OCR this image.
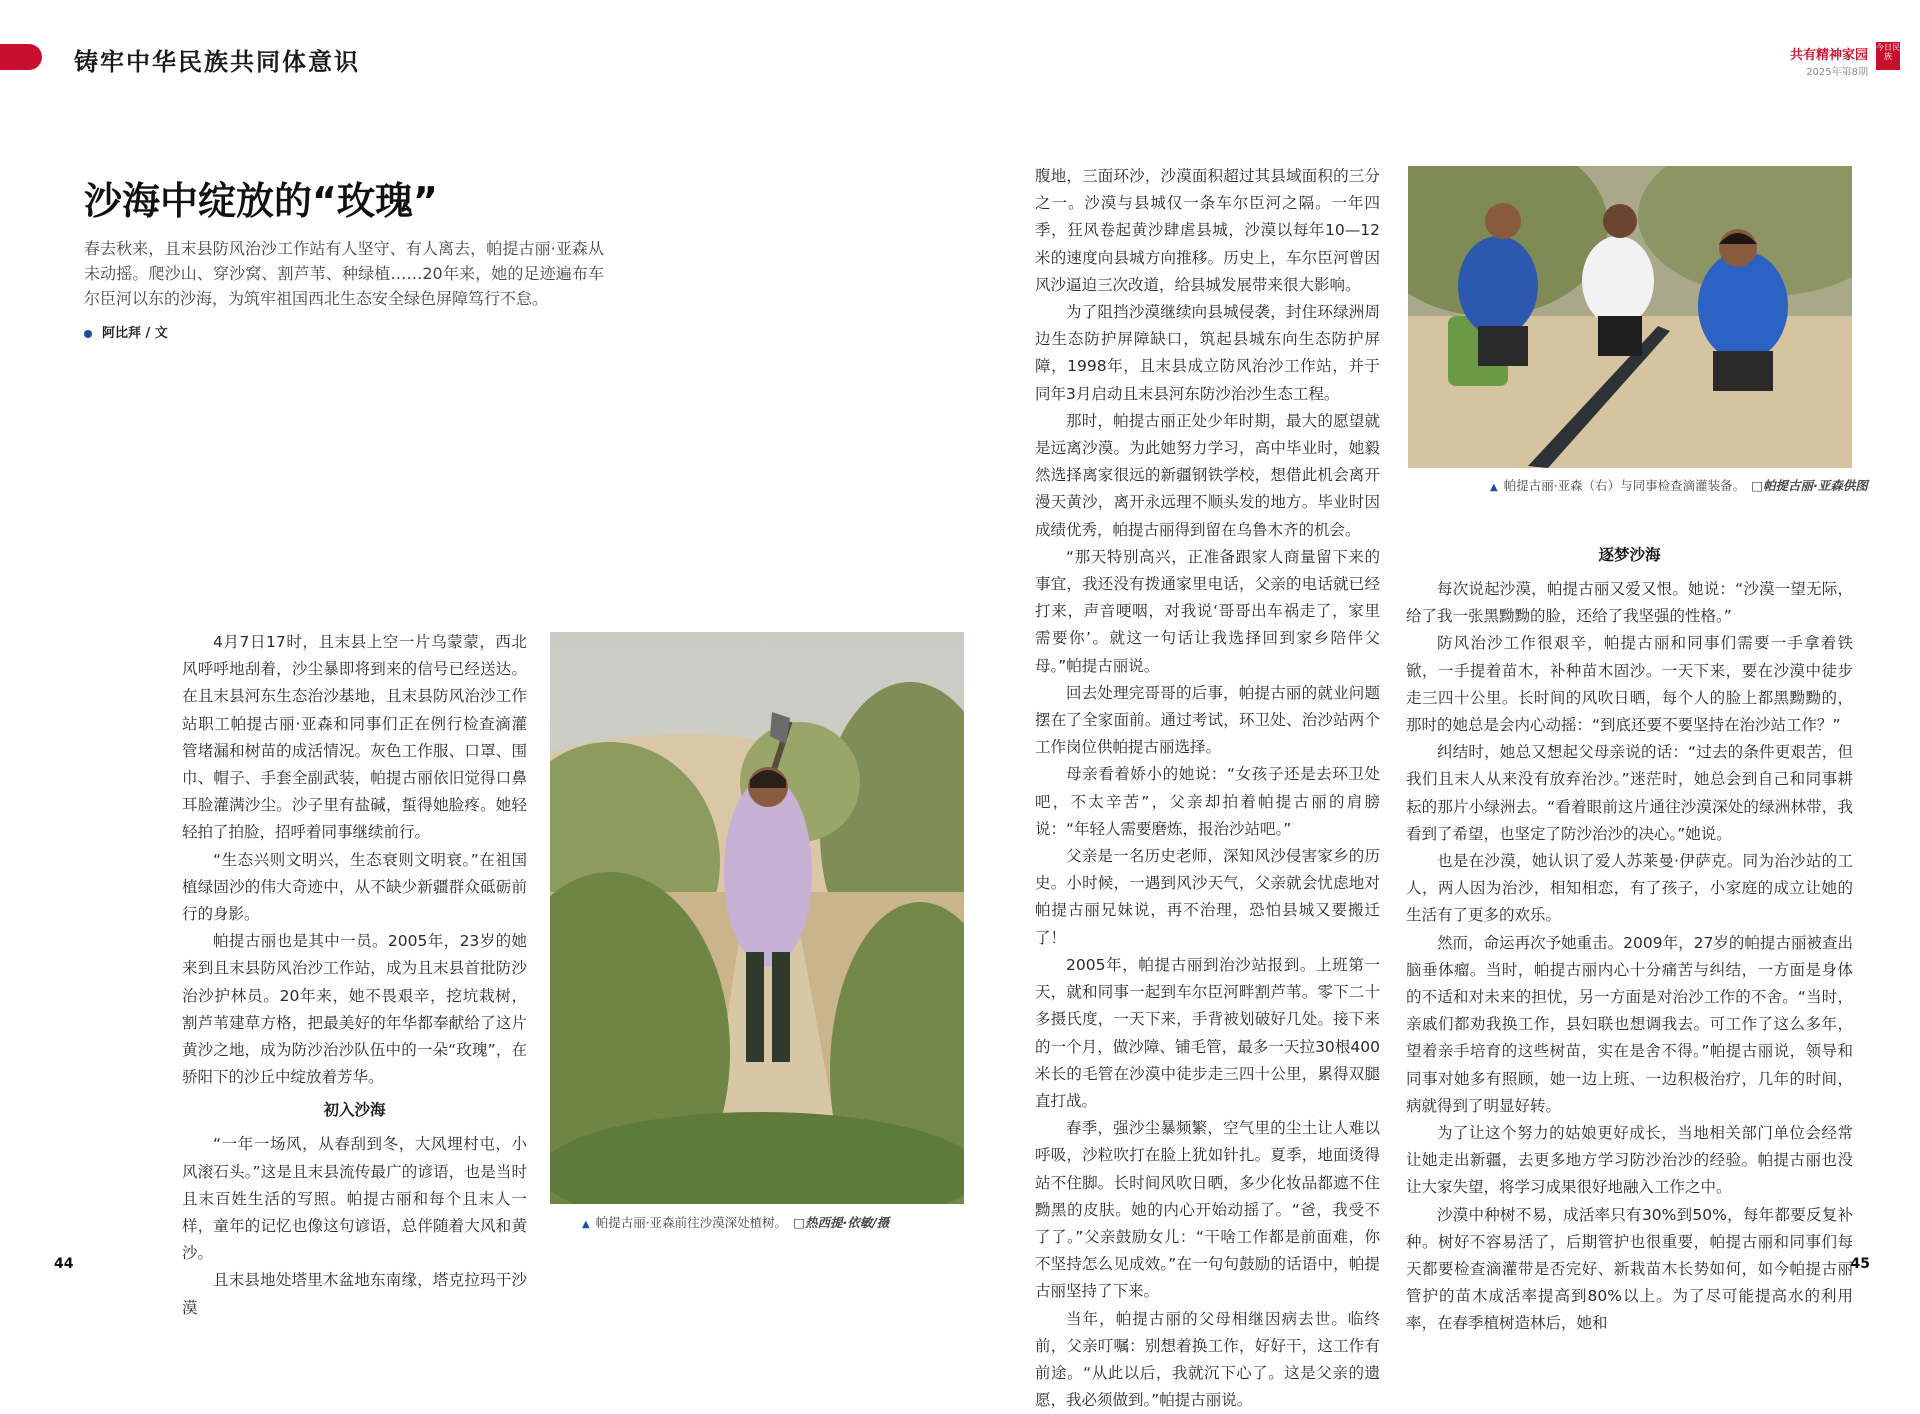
铸牢中华民族共同体意识	共有精神家园
2025年第8期
今日民族
沙海中绽放的“玫瑰”
春去秋来，且末县防风治沙工作站有人坚守、有人离去，帕提古丽·亚森从未动摇。爬沙山、穿沙窝、割芦苇、种绿植……20年来，她的足迹遍布车尔臣河以东的沙海，为筑牢祖国西北生态安全绿色屏障笃行不怠。
阿比拜 / 文

4月7日17时，且末县上空一片乌蒙蒙，西北风呼呼地刮着，沙尘暴即将到来的信号已经送达。在且末县河东生态治沙基地，且末县防风治沙工作站职工帕提古丽·亚森和同事们正在例行检查滴灌管堵漏和树苗的成活情况。灰色工作服、口罩、围巾、帽子、手套全副武装，帕提古丽依旧觉得口鼻耳脸灌满沙尘。沙子里有盐碱，蜇得她脸疼。她轻轻拍了拍脸，招呼着同事继续前行。

“生态兴则文明兴，生态衰则文明衰。”在祖国植绿固沙的伟大奇迹中，从不缺少新疆群众砥砺前行的身影。

帕提古丽也是其中一员。2005年，23岁的她来到且末县防风治沙工作站，成为且末县首批防沙治沙护林员。20年来，她不畏艰辛，挖坑栽树，割芦苇建草方格，把最美好的年华都奉献给了这片黄沙之地，成为防沙治沙队伍中的一朵“玫瑰”，在骄阳下的沙丘中绽放着芳华。

初入沙海

“一年一场风，从春刮到冬，大风埋村屯，小风滚石头。”这是且末县流传最广的谚语，也是当时且末百姓生活的写照。帕提古丽和每个且末人一样，童年的记忆也像这句谚语，总伴随着大风和黄沙。

且末县地处塔里木盆地东南缘，塔克拉玛干沙漠

▲ 帕提古丽·亚森前往沙漠深处植树。 □热西提·依敏/摄

腹地，三面环沙，沙漠面积超过其县域面积的三分之一。沙漠与县城仅一条车尔臣河之隔。一年四季，狂风卷起黄沙肆虐县城，沙漠以每年10—12米的速度向县城方向推移。历史上，车尔臣河曾因风沙逼迫三次改道，给县城发展带来很大影响。

为了阻挡沙漠继续向县城侵袭，封住环绿洲周边生态防护屏障缺口，筑起县城东向生态防护屏障，1998年，且末县成立防风治沙工作站，并于同年3月启动且末县河东防沙治沙生态工程。

那时，帕提古丽正处少年时期，最大的愿望就是远离沙漠。为此她努力学习，高中毕业时，她毅然选择离家很远的新疆钢铁学校，想借此机会离开漫天黄沙，离开永远理不顺头发的地方。毕业时因成绩优秀，帕提古丽得到留在乌鲁木齐的机会。

“那天特别高兴，正准备跟家人商量留下来的事宜，我还没有拨通家里电话，父亲的电话就已经打来，声音哽咽，对我说‘哥哥出车祸走了，家里需要你’。就这一句话让我选择回到家乡陪伴父母。”帕提古丽说。

回去处理完哥哥的后事，帕提古丽的就业问题摆在了全家面前。通过考试，环卫处、治沙站两个工作岗位供帕提古丽选择。

母亲看着娇小的她说：“女孩子还是去环卫处吧，不太辛苦”，父亲却拍着帕提古丽的肩膀说：“年轻人需要磨炼，报治沙站吧。”

父亲是一名历史老师，深知风沙侵害家乡的历史。小时候，一遇到风沙天气，父亲就会忧虑地对帕提古丽兄妹说，再不治理，恐怕县城又要搬迁了！

2005年，帕提古丽到治沙站报到。上班第一天，就和同事一起到车尔臣河畔割芦苇。零下二十多摄氏度，一天下来，手背被划破好几处。接下来的一个月，做沙障、铺毛管，最多一天拉30根400米长的毛管在沙漠中徒步走三四十公里，累得双腿直打战。

春季，强沙尘暴频繁，空气里的尘土让人难以呼吸，沙粒吹打在脸上犹如针扎。夏季，地面烫得站不住脚。长时间风吹日晒，多少化妆品都遮不住黝黑的皮肤。她的内心开始动摇了。“爸，我受不了了。”父亲鼓励女儿：“干啥工作都是前面难，你不坚持怎么见成效。”在一句句鼓励的话语中，帕提古丽坚持了下来。

当年，帕提古丽的父母相继因病去世。临终前，父亲叮嘱：别想着换工作，好好干，这工作有前途。“从此以后，我就沉下心了。这是父亲的遗愿，我必须做到。”帕提古丽说。

▲ 帕提古丽·亚森（右）与同事检查滴灌装备。 □帕提古丽·亚森供图
逐梦沙海

每次说起沙漠，帕提古丽又爱又恨。她说：“沙漠一望无际，给了我一张黑黝黝的脸，还给了我坚强的性格。”

防风治沙工作很艰辛，帕提古丽和同事们需要一手拿着铁锨，一手提着苗木，补种苗木固沙。一天下来，要在沙漠中徒步走三四十公里。长时间的风吹日晒，每个人的脸上都黑黝黝的，那时的她总是会内心动摇：“到底还要不要坚持在治沙站工作？”

纠结时，她总又想起父母亲说的话：“过去的条件更艰苦，但我们且末人从来没有放弃治沙。”迷茫时，她总会到自己和同事耕耘的那片小绿洲去。“看着眼前这片通往沙漠深处的绿洲林带，我看到了希望，也坚定了防沙治沙的决心。”她说。

也是在沙漠，她认识了爱人苏莱曼·伊萨克。同为治沙站的工人，两人因为治沙，相知相恋，有了孩子，小家庭的成立让她的生活有了更多的欢乐。

然而，命运再次予她重击。2009年，27岁的帕提古丽被查出脑垂体瘤。当时，帕提古丽内心十分痛苦与纠结，一方面是身体的不适和对未来的担忧，另一方面是对治沙工作的不舍。“当时，亲戚们都劝我换工作，县妇联也想调我去。可工作了这么多年，望着亲手培育的这些树苗，实在是舍不得。”帕提古丽说，领导和同事对她多有照顾，她一边上班、一边积极治疗，几年的时间，病就得到了明显好转。

为了让这个努力的姑娘更好成长，当地相关部门单位会经常让她走出新疆，去更多地方学习防沙治沙的经验。帕提古丽也没让大家失望，将学习成果很好地融入工作之中。

沙漠中种树不易，成活率只有30%到50%，每年都要反复补种。树好不容易活了，后期管护也很重要，帕提古丽和同事们每天都要检查滴灌带是否完好、新栽苗木长势如何，如今帕提古丽管护的苗木成活率提高到80%以上。为了尽可能提高水的利用率，在春季植树造林后，她和

44	45
